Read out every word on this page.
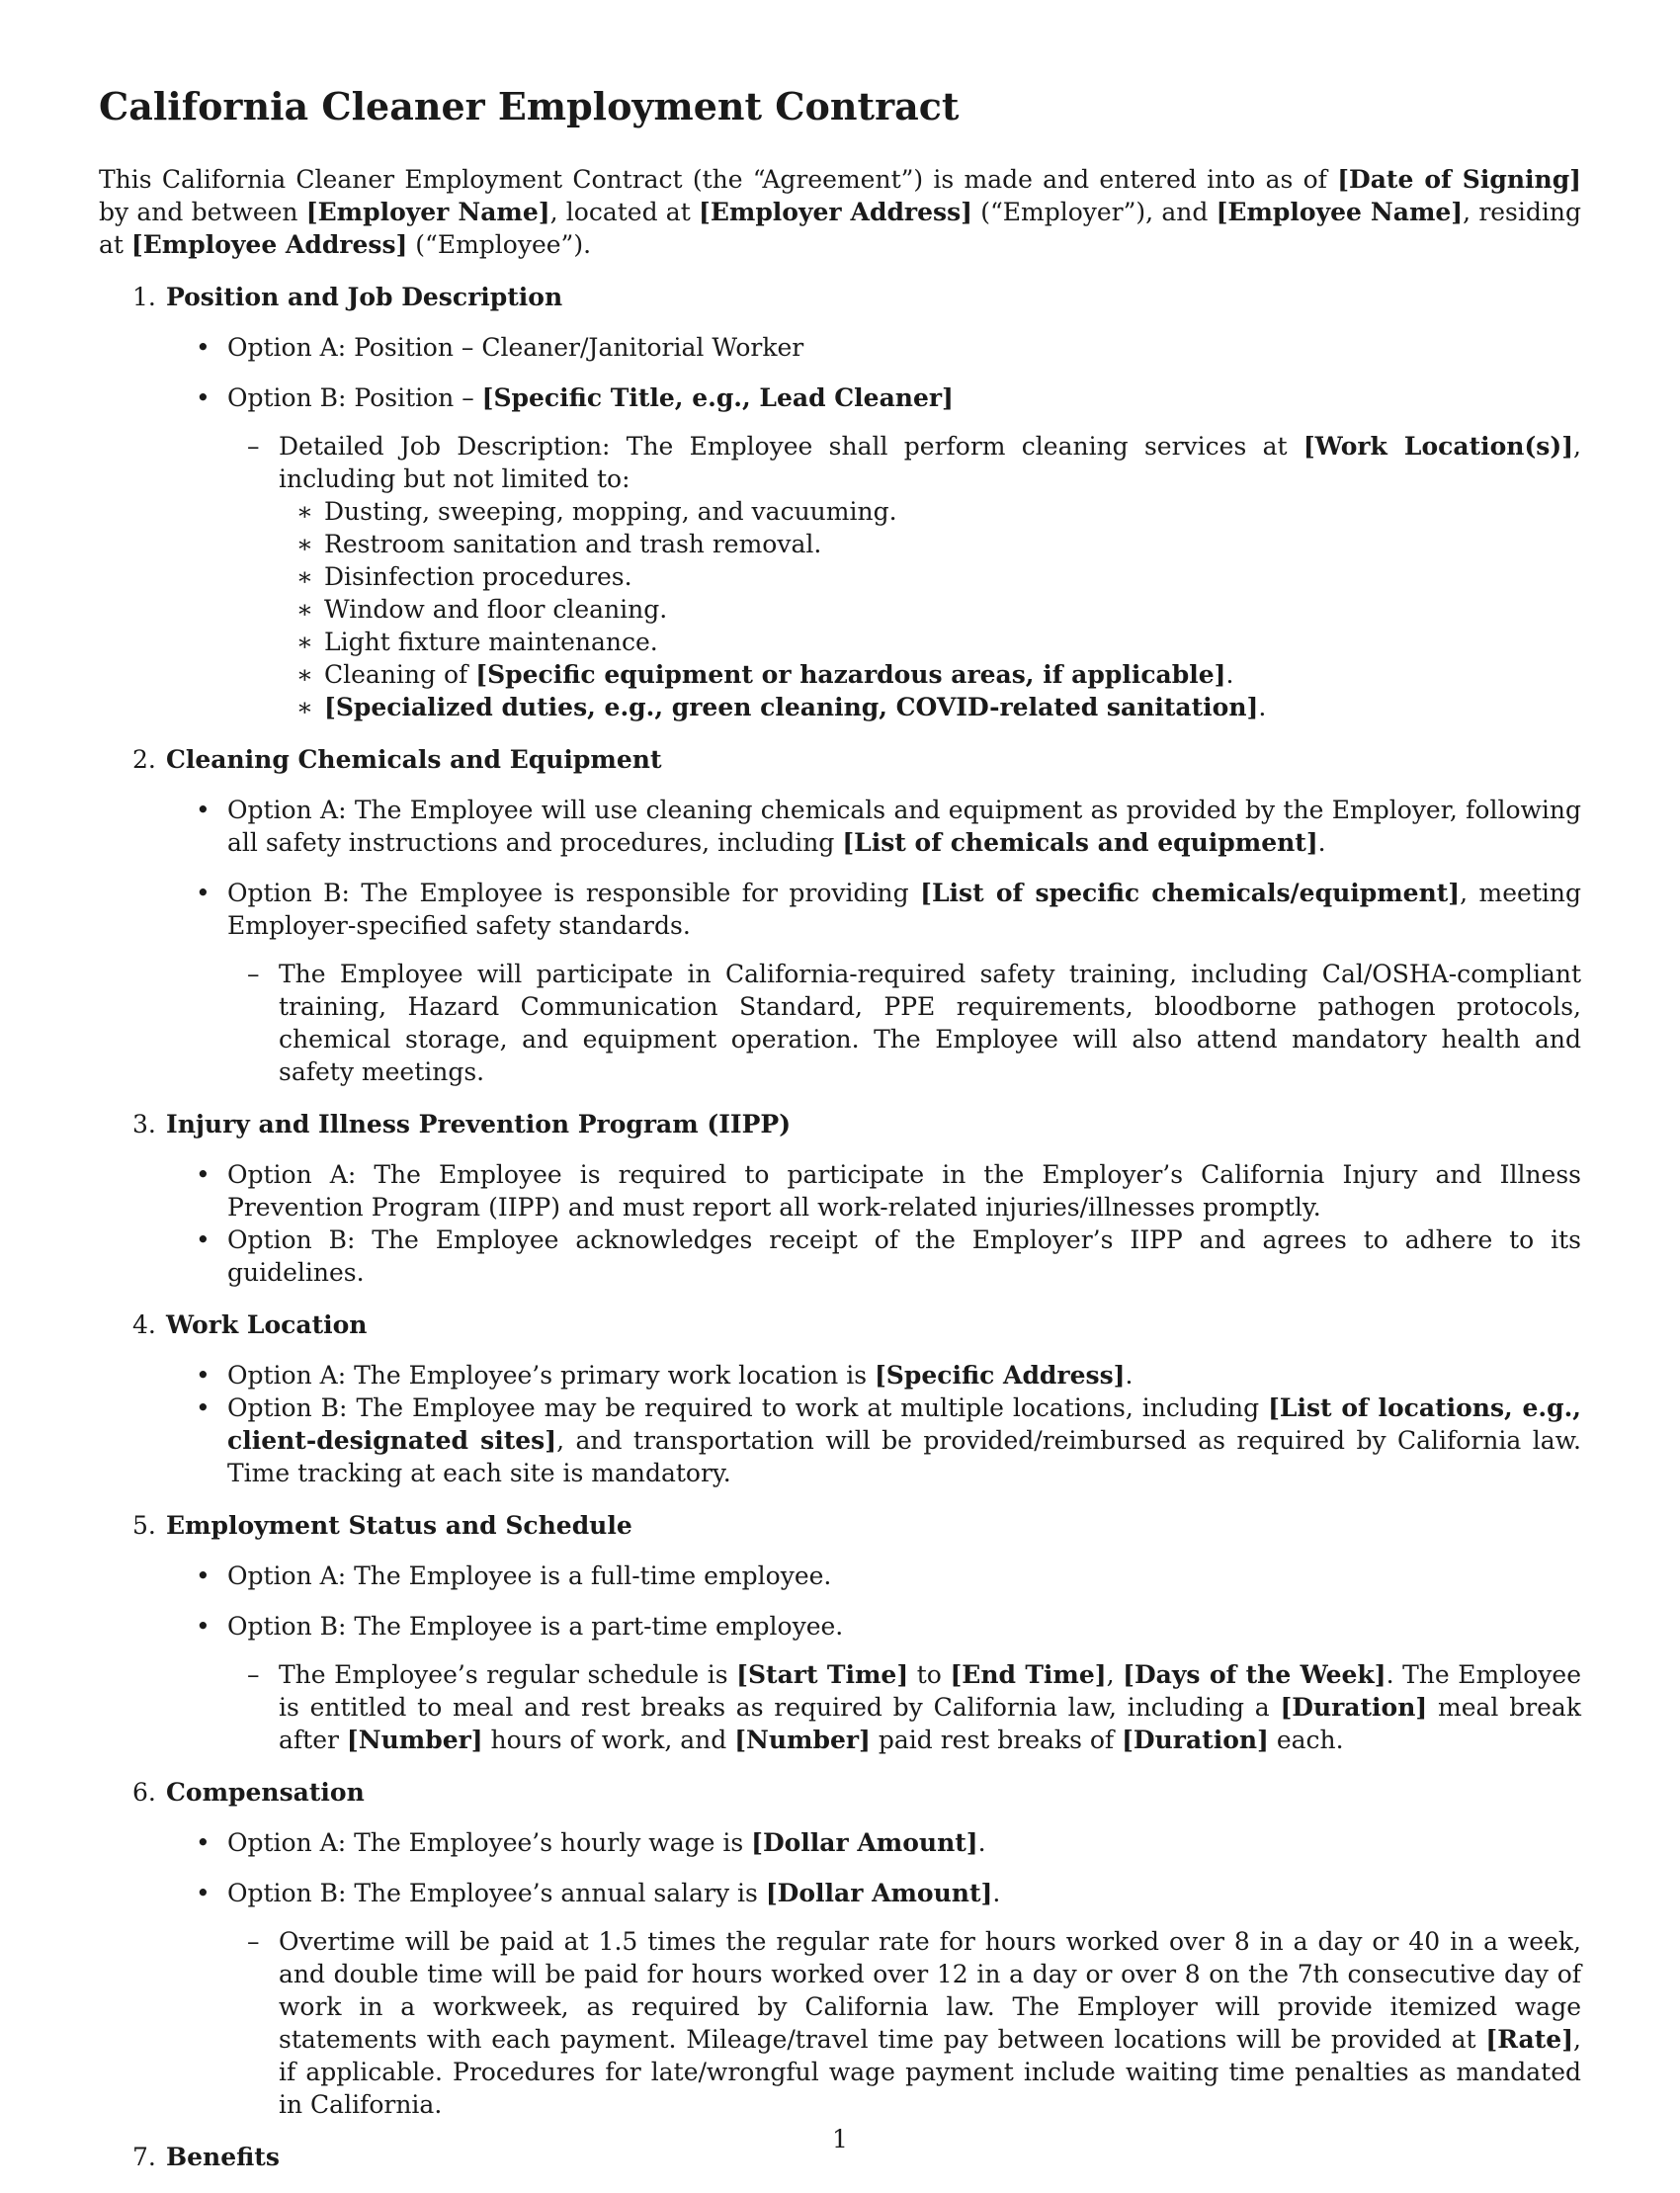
California Cleaner Employment Contract

This California Cleaner Employment Contract (the “Agreement”) is made and entered into as of [Date of Signing] by and between [Employer Name], located at [Employer Address] (“Employer”), and [Employee Name], residing at [Employee Address] (“Employee”).

1. Position and Job Description
• Option A: Position – Cleaner/Janitorial Worker
• Option B: Position – [Specific Title, e.g., Lead Cleaner]
– Detailed Job Description: The Employee shall perform cleaning services at [Work Location(s)], including but not limited to:
∗ Dusting, sweeping, mopping, and vacuuming.
∗ Restroom sanitation and trash removal.
∗ Disinfection procedures.
∗ Window and floor cleaning.
∗ Light fixture maintenance.
∗ Cleaning of [Specific equipment or hazardous areas, if applicable].
∗ [Specialized duties, e.g., green cleaning, COVID-related sanitation].
2. Cleaning Chemicals and Equipment
• Option A: The Employee will use cleaning chemicals and equipment as provided by the Employer, following all safety instructions and procedures, including [List of chemicals and equipment].
• Option B: The Employee is responsible for providing [List of specific chemicals/equipment], meeting Employer-specified safety standards.
– The Employee will participate in California-required safety training, including Cal/OSHA-compliant training, Hazard Communication Standard, PPE requirements, bloodborne pathogen protocols, chemical storage, and equipment operation. The Employee will also attend mandatory health and safety meetings.
3. Injury and Illness Prevention Program (IIPP)
• Option A: The Employee is required to participate in the Employer’s California Injury and Illness Prevention Program (IIPP) and must report all work-related injuries/illnesses promptly.
• Option B: The Employee acknowledges receipt of the Employer’s IIPP and agrees to adhere to its guidelines.
4. Work Location
• Option A: The Employee’s primary work location is [Specific Address].
• Option B: The Employee may be required to work at multiple locations, including [List of locations, e.g., client-designated sites], and transportation will be provided/reimbursed as required by California law. Time tracking at each site is mandatory.
5. Employment Status and Schedule
• Option A: The Employee is a full-time employee.
• Option B: The Employee is a part-time employee.
– The Employee’s regular schedule is [Start Time] to [End Time], [Days of the Week]. The Employee is entitled to meal and rest breaks as required by California law, including a [Duration] meal break after [Number] hours of work, and [Number] paid rest breaks of [Duration] each.
6. Compensation
• Option A: The Employee’s hourly wage is [Dollar Amount].
• Option B: The Employee’s annual salary is [Dollar Amount].
– Overtime will be paid at 1.5 times the regular rate for hours worked over 8 in a day or 40 in a week, and double time will be paid for hours worked over 12 in a day or over 8 on the 7th consecutive day of work in a workweek, as required by California law. The Employer will provide itemized wage statements with each payment. Mileage/travel time pay between locations will be provided at [Rate], if applicable. Procedures for late/wrongful wage payment include waiting time penalties as mandated in California.
7. Benefits
1
